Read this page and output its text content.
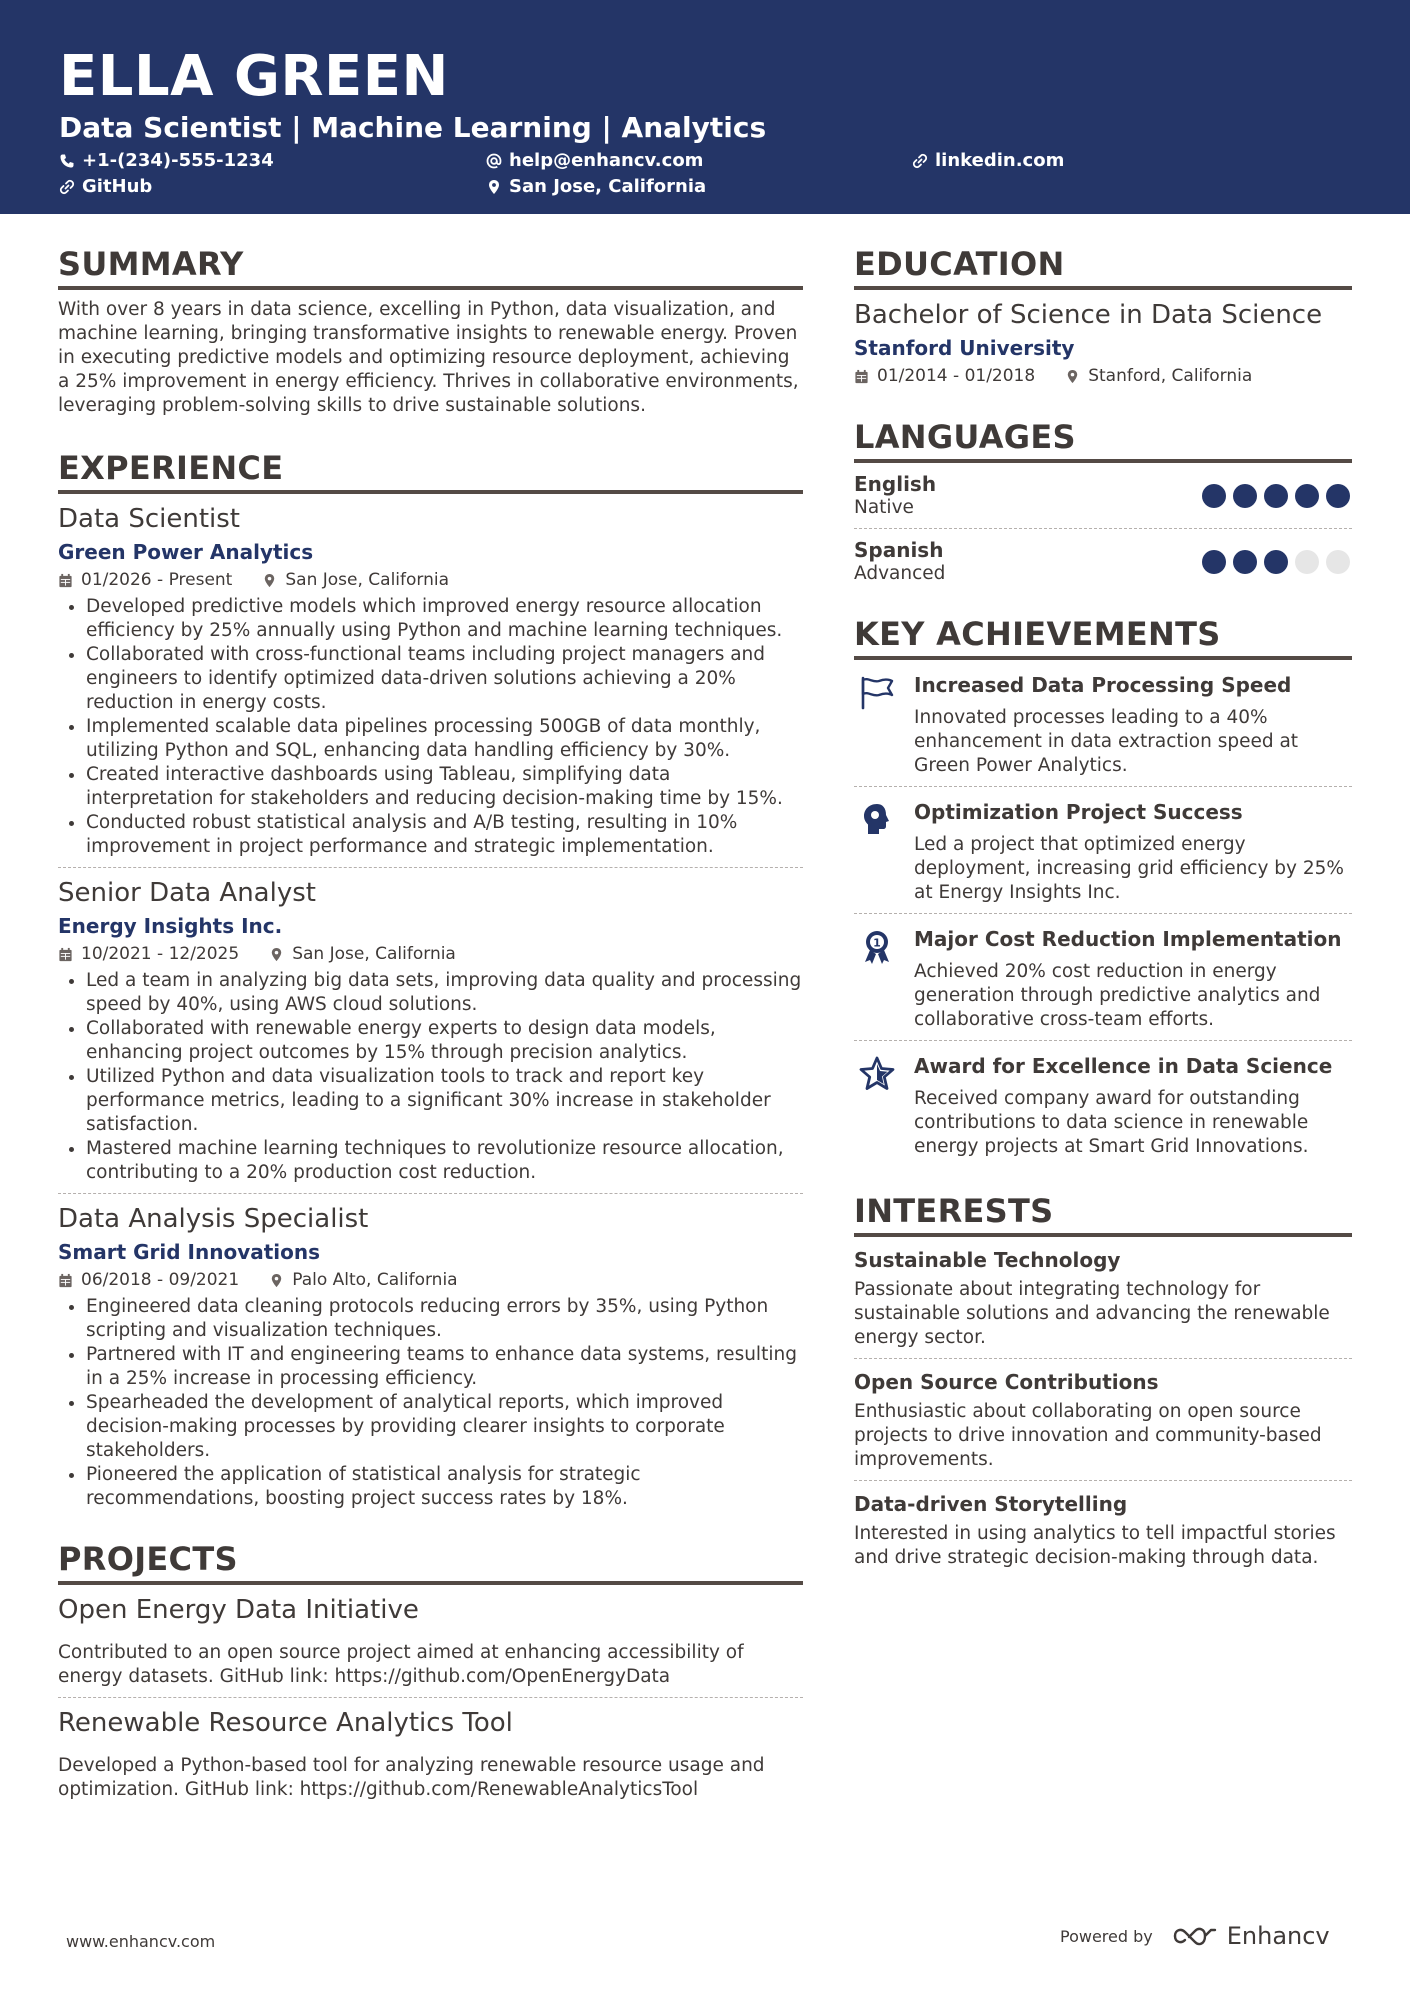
ELLA GREEN
Data Scientist | Machine Learning | Analytics
+1-(234)-555-1234	help@enhancv.com	linkedin.com
GitHub	San Jose, California
SUMMARY
With over 8 years in data science, excelling in Python, data visualization, and machine learning, bringing transformative insights to renewable energy. Proven in executing predictive models and optimizing resource deployment, achieving a 25% improvement in energy efficiency. Thrives in collaborative environments, leveraging problem-solving skills to drive sustainable solutions.
EXPERIENCE
Data Scientist
Green Power Analytics
01/2026 - Present	San Jose, California
Developed predictive models which improved energy resource allocation efficiency by 25% annually using Python and machine learning techniques.
Collaborated with cross-functional teams including project managers and engineers to identify optimized data-driven solutions achieving a 20% reduction in energy costs.
Implemented scalable data pipelines processing 500GB of data monthly, utilizing Python and SQL, enhancing data handling efficiency by 30%.
Created interactive dashboards using Tableau, simplifying data interpretation for stakeholders and reducing decision-making time by 15%.
Conducted robust statistical analysis and A/B testing, resulting in 10% improvement in project performance and strategic implementation.
Senior Data Analyst
Energy Insights Inc.
10/2021 - 12/2025	San Jose, California
Led a team in analyzing big data sets, improving data quality and processing speed by 40%, using AWS cloud solutions.
Collaborated with renewable energy experts to design data models, enhancing project outcomes by 15% through precision analytics.
Utilized Python and data visualization tools to track and report key performance metrics, leading to a significant 30% increase in stakeholder satisfaction.
Mastered machine learning techniques to revolutionize resource allocation, contributing to a 20% production cost reduction.
Data Analysis Specialist
Smart Grid Innovations
06/2018 - 09/2021	Palo Alto, California
Engineered data cleaning protocols reducing errors by 35%, using Python scripting and visualization techniques.
Partnered with IT and engineering teams to enhance data systems, resulting in a 25% increase in processing efficiency.
Spearheaded the development of analytical reports, which improved decision-making processes by providing clearer insights to corporate stakeholders.
Pioneered the application of statistical analysis for strategic recommendations, boosting project success rates by 18%.
PROJECTS
Open Energy Data Initiative
Contributed to an open source project aimed at enhancing accessibility of energy datasets. GitHub link: https://github.com/OpenEnergyData
Renewable Resource Analytics Tool
Developed a Python-based tool for analyzing renewable resource usage and optimization. GitHub link: https://github.com/RenewableAnalyticsTool
EDUCATION
Bachelor of Science in Data Science
Stanford University
01/2014 - 01/2018	Stanford, California
LANGUAGES
English
Native
Spanish
Advanced
KEY ACHIEVEMENTS
Increased Data Processing Speed
Innovated processes leading to a 40% enhancement in data extraction speed at Green Power Analytics.
Optimization Project Success
Led a project that optimized energy deployment, increasing grid efficiency by 25% at Energy Insights Inc.
1 Major Cost Reduction Implementation
Achieved 20% cost reduction in energy generation through predictive analytics and collaborative cross-team efforts.
Award for Excellence in Data Science
Received company award for outstanding contributions to data science in renewable energy projects at Smart Grid Innovations.
INTERESTS
Sustainable Technology
Passionate about integrating technology for sustainable solutions and advancing the renewable energy sector.
Open Source Contributions
Enthusiastic about collaborating on open source projects to drive innovation and community-based improvements.
Data-driven Storytelling
Interested in using analytics to tell impactful stories and drive strategic decision-making through data.
www.enhancv.com	Powered by	Enhancv
